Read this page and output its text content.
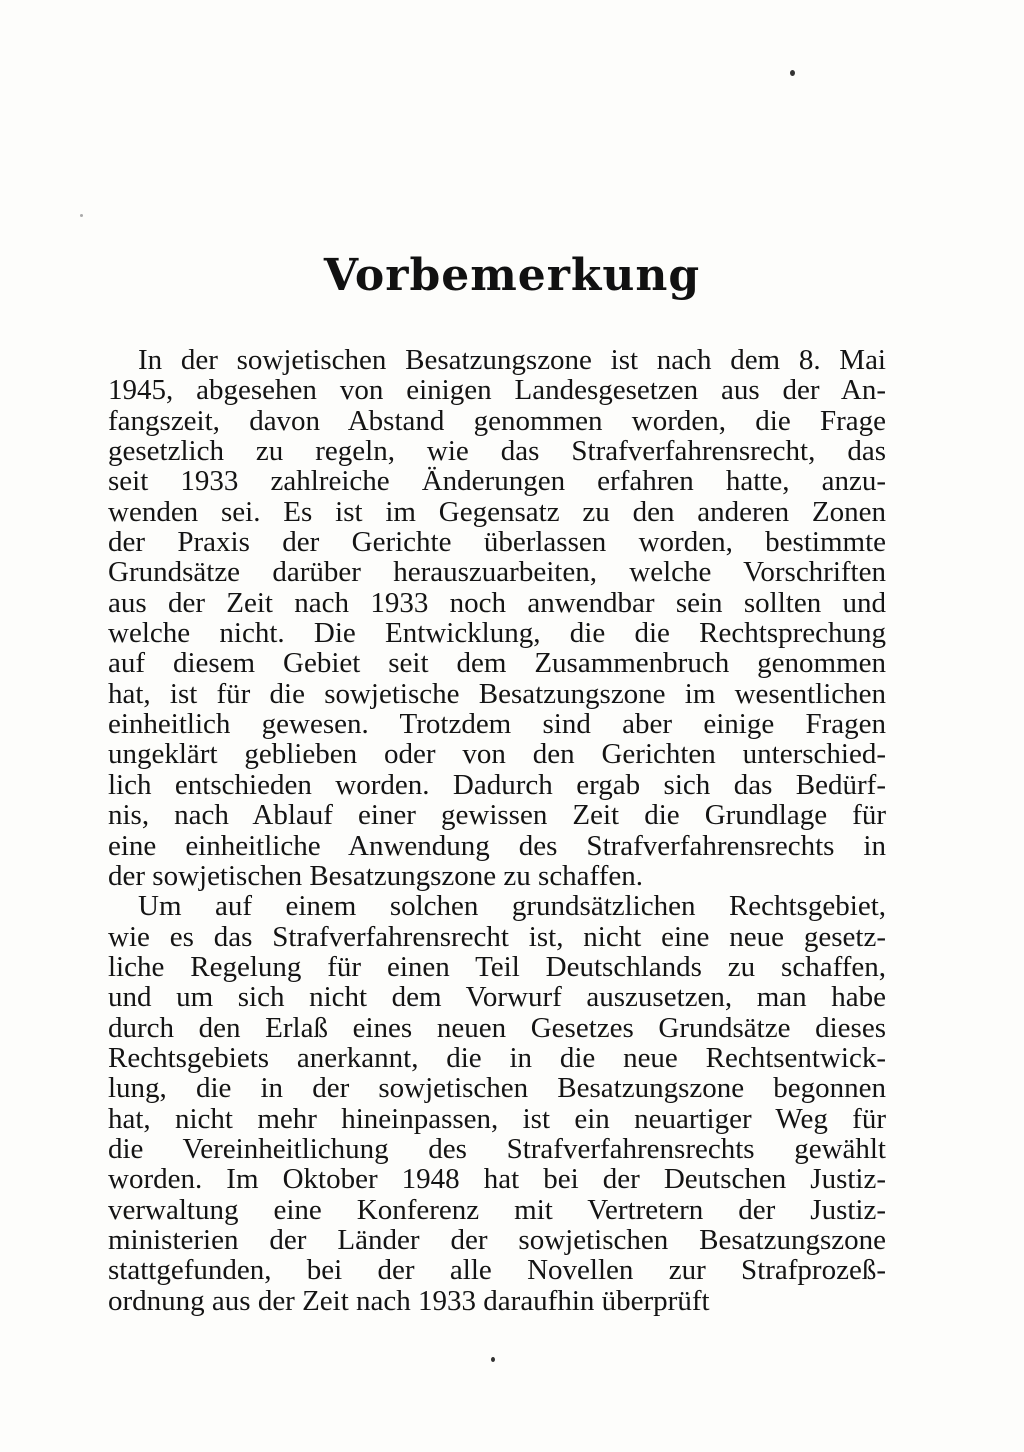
Vorbemerkung
In der sowjetischen Besatzungszone ist nach dem 8. Mai
1945, abgesehen von einigen Landesgesetzen aus der An-
fangszeit, davon Abstand genommen worden, die Frage
gesetzlich zu regeln, wie das Strafverfahrensrecht, das
seit 1933 zahlreiche Änderungen erfahren hatte, anzu-
wenden sei. Es ist im Gegensatz zu den anderen Zonen
der Praxis der Gerichte überlassen worden, bestimmte
Grundsätze darüber herauszuarbeiten, welche Vorschriften
aus der Zeit nach 1933 noch anwendbar sein sollten und
welche nicht. Die Entwicklung, die die Rechtsprechung
auf diesem Gebiet seit dem Zusammenbruch genommen
hat, ist für die sowjetische Besatzungszone im wesentlichen
einheitlich gewesen. Trotzdem sind aber einige Fragen
ungeklärt geblieben oder von den Gerichten unterschied-
lich entschieden worden. Dadurch ergab sich das Bedürf-
nis, nach Ablauf einer gewissen Zeit die Grundlage für
eine einheitliche Anwendung des Strafverfahrensrechts in
der sowjetischen Besatzungszone zu schaffen.
Um auf einem solchen grundsätzlichen Rechtsgebiet,
wie es das Strafverfahrensrecht ist, nicht eine neue gesetz-
liche Regelung für einen Teil Deutschlands zu schaffen,
und um sich nicht dem Vorwurf auszusetzen, man habe
durch den Erlaß eines neuen Gesetzes Grundsätze dieses
Rechtsgebiets anerkannt, die in die neue Rechtsentwick-
lung, die in der sowjetischen Besatzungszone begonnen
hat, nicht mehr hineinpassen, ist ein neuartiger Weg für
die Vereinheitlichung des Strafverfahrensrechts gewählt
worden. Im Oktober 1948 hat bei der Deutschen Justiz-
verwaltung eine Konferenz mit Vertretern der Justiz-
ministerien der Länder der sowjetischen Besatzungszone
stattgefunden, bei der alle Novellen zur Strafprozeß-
ordnung aus der Zeit nach 1933 daraufhin überprüft
